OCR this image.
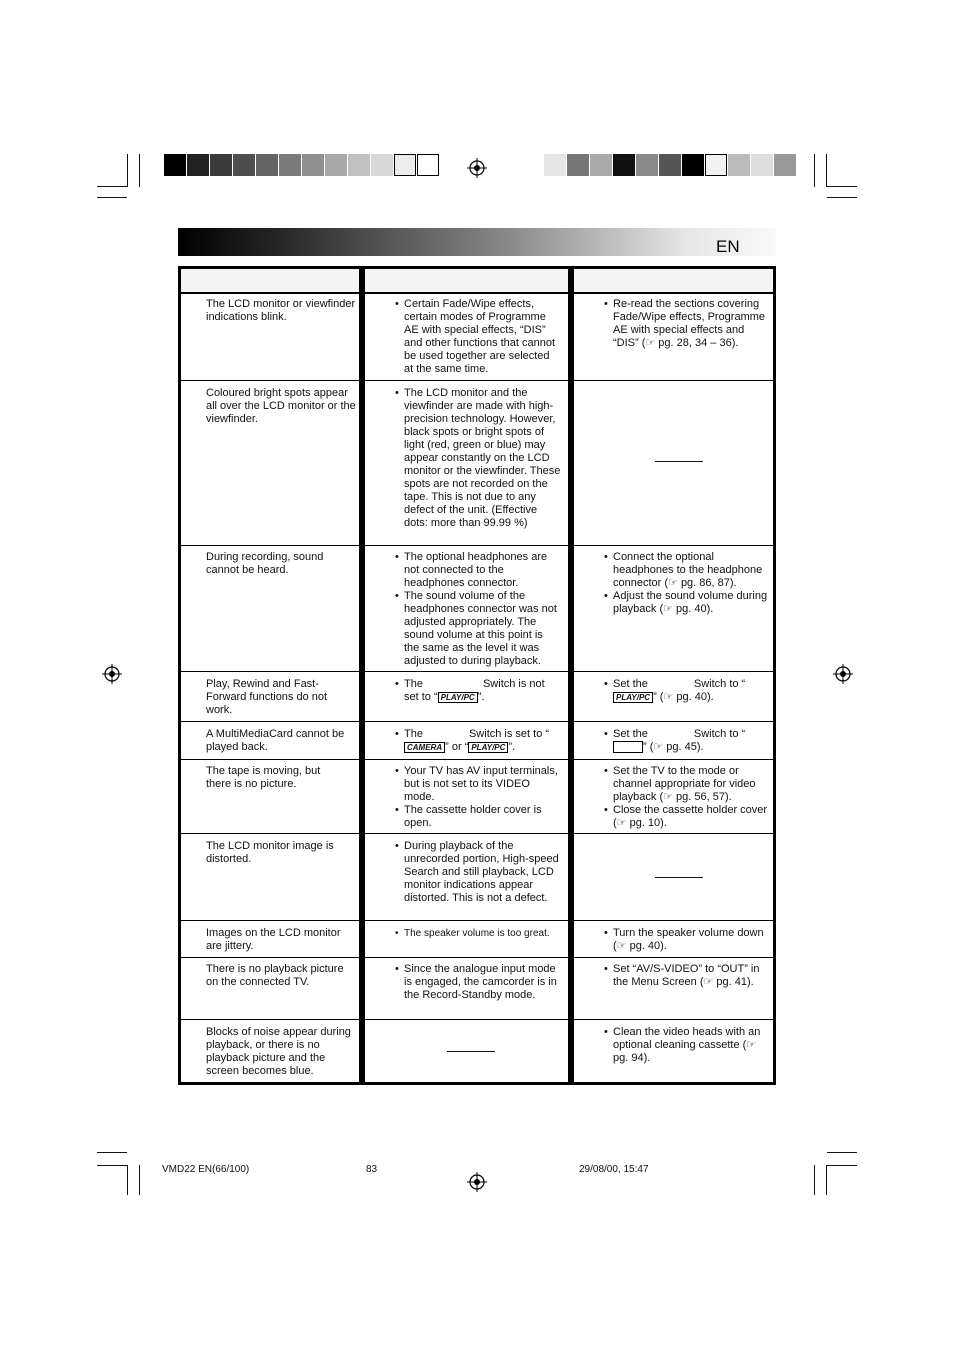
EN
The LCD monitor or viewfinder indications blink.
• Certain Fade/Wipe effects, certain modes of Programme AE with special effects, “DIS” and other functions that cannot be used together are selected at the same time.
• Re-read the sections covering Fade/Wipe effects, Programme AE with special effects and “DIS” (☞ pg. 28, 34 – 36).
Coloured bright spots appear all over the LCD monitor or the viewfinder.
• The LCD monitor and the viewfinder are made with high-precision technology. However, black spots or bright spots of light (red, green or blue) may appear constantly on the LCD monitor or the viewfinder. These spots are not recorded on the tape. This is not due to any defect of the unit. (Effective dots: more than 99.99 %)
During recording, sound cannot be heard.
• The optional headphones are not connected to the headphones connector.
• The sound volume of the headphones connector was not adjusted appropriately. The sound volume at this point is the same as the level it was adjusted to during playback.
• Connect the optional headphones to the headphone connector (☞ pg. 86, 87).
• Adjust the sound volume during playback (☞ pg. 40).
Play, Rewind and Fast-Forward functions do not work.
• The	Switch is not set to “ PLAY/PC ”.
• Set the	Switch to “PLAY/PC ” (☞ pg. 40).
A MultiMediaCard cannot be played back.
• The	Switch is set to “CAMERA ” or “ PLAY/PC ”.
• Set the	Switch to “” (☞ pg. 45).
The tape is moving, but there is no picture.
• Your TV has AV input terminals, but is not set to its VIDEO mode.
• The cassette holder cover is open.
• Set the TV to the mode or channel appropriate for video playback (☞ pg. 56, 57).
• Close the cassette holder cover (☞ pg. 10).
The LCD monitor image is distorted.
• During playback of the unrecorded portion, High-speed Search and still playback, LCD monitor indications appear distorted. This is not a defect.
Images on the LCD monitor are jittery.
• The speaker volume is too great.
•	Turn the speaker volume down (☞ pg. 40).
There is no playback picture on the connected TV.
• Since the analogue input mode is engaged, the camcorder is in the Record-Standby mode.
• Set “AV/S-VIDEO” to “OUT” in the Menu Screen (☞ pg. 41).
Blocks of noise appear during playback, or there is no playback picture and the screen becomes blue.
• Clean the video heads with an optional cleaning cassette (☞ pg. 94).
VMD22 EN(66/100)	83	29/08/00, 15:47
